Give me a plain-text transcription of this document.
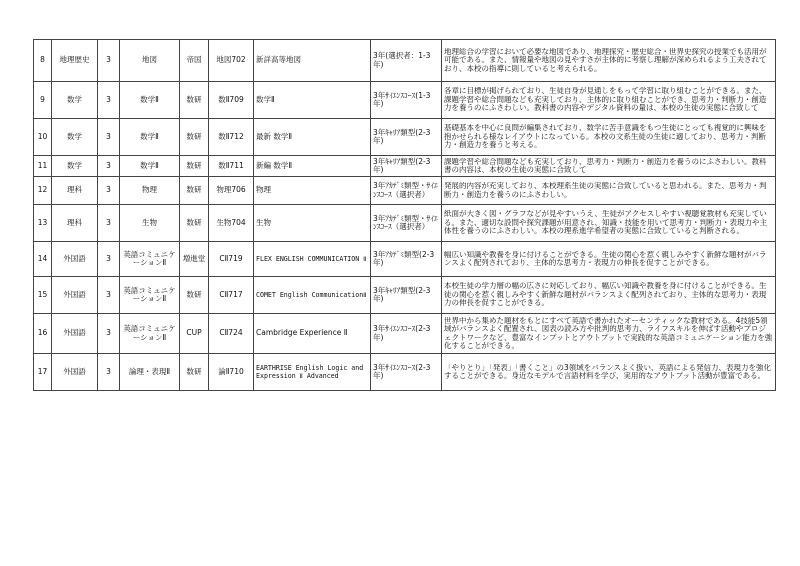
8	地理歴史	3	地図	帝国	地図702	新詳高等地図	3年(選択者：1-3年)	地理総合の学習において必要な地図であり、地理探究・歴史総合・世界史探究の授業でも活用が可能である。また、情報量や地図の見やすさが主体的に考察し理解が深められるよう工夫されており、本校の指導に則していると考えられる。

9	数学	3	数学Ⅱ	数研	数Ⅱ709	数学Ⅱ	3年ｻｲｴﾝｽｺｰｽ(1-3年)	各章に目標が掲げられており、生徒自身が見通しをもって学習に取り組むことができる。また、課題学習や総合問題なども充実しており、主体的に取り組むことができ、思考力・判断力・創造力を養うのにふさわしい。教科書の内容やデジタル資料の量は、本校の生徒の実態に合致して

10	数学	3	数学Ⅱ	数研	数Ⅱ712	最新 数学Ⅱ	3年ｷｬﾘｱ類型(2-3年)	基礎基本を中心に良問が編集されており、数学に苦手意識をもつ生徒にとっても視覚的に興味を抱かせられる様なレイアウトになっている。本校の文系生徒の生徒に適しており、思考力・判断力・創造力を養うと考える。

11	数学	3	数学Ⅱ	数研	数Ⅱ711	新編 数学Ⅱ	3年ｷｬﾘｱ類型(2-3年)	課題学習や総合問題なども充実しており、思考力・判断力・創造力を養うのにふさわしい。教科書の内容は、本校の生徒の実態に合致して

12	理科	3	物理	数研	物理706	物理	3年ｱｶﾃﾞﾐ類型・ｻｲｴﾝｽｺｰｽ（選択者）	発展的内容が充実しており、本校理系生徒の実態に合致していると思われる。また、思考力・判断力・創造力を養うのにふさわしい。

13	理科	3	生物	数研	生物704	生物	3年ｱｶﾃﾞﾐ類型・ｻｲｴﾝｽｺｰｽ（選択者）	紙面が大きく図・グラフなどが見やすいうえ、生徒がアクセスしやすい視聴覚教材も充実している。また、適切な設問や探究課題が用意され、知識・技能を用いて思考力・判断力・表現力や主体性を養うのにふさわしい。本校の理系進学希望者の実態に合致していると判断される。

14	外国語	3	英語コミュニケーションⅡ	増進堂	CⅡ719	FLEX ENGLISH COMMUNICATION Ⅱ	3年ｱｶﾃﾞﾐ類型(2-3年)	幅広い知識や教養を身に付けることができる。生徒の関心を惹く親しみやすく新鮮な題材がバランスよく配列されており、主体的な思考力・表現力の伸長を促すことができる。

15	外国語	3	英語コミュニケーションⅡ	数研	CⅡ717	COMET English CommunicationⅡ	3年ｷｬﾘｱ類型(2-3年)	本校生徒の学力層の幅の広さに対応しており、幅広い知識や教養を身に付けることができる。生徒の関心を惹く親しみやすく新鮮な題材がバランスよく配列されており、主体的な思考力・表現力の伸長を促すことができる。

16	外国語	3	英語コミュニケーションⅡ	CUP	CⅡ724	Cambridge Experience Ⅱ	3年ｻｲｴﾝｽｺｰｽ(2-3年)	世界中から集めた題材をもとにすべて英語で書かれたオーセンティックな教材である。4技能5領域がバランスよく配置され、図表の読み方や批判的思考力、ライフスキルを伸ばす活動やプロジェクトワークなど、豊富なインプットとアウトプットで実践的な英語コミュニケーション能力を強化することができる。

17	外国語	3	論理・表現Ⅱ	数研	論Ⅱ710	EARTHRISE English Logic and Expression Ⅱ Advanced	3年ｻｲｴﾝｽｺｰｽ(2-3年)	「やりとり」「発表」「書くこと」の3領域をバランスよく扱い、英語による発信力、表現力を強化することができる。身近なモデルで言語材料を学び、実用的なアウトプット活動が豊富である。
